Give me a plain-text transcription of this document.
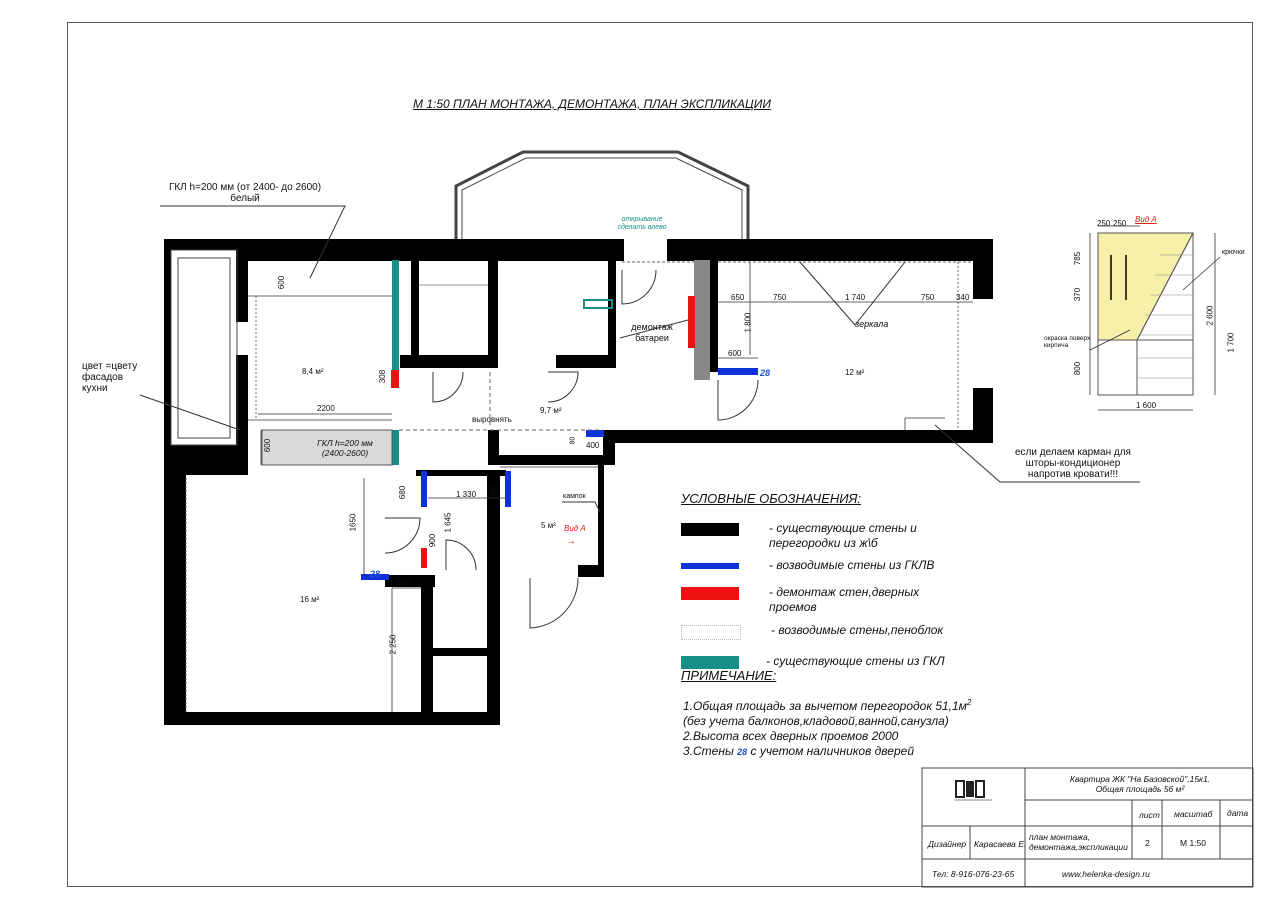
М 1:50 ПЛАН МОНТАЖА, ДЕМОНТАЖА, ПЛАН ЭКСПЛИКАЦИИ
ГКЛ h=200 мм (от 2400- до 2600)
белый
цвет =цвету
фасадов
кухни
ГКЛ h=200 мм
(2400-2600)
открывание
сделать влево
демонтаж
батареи
зеркала
выровнять
кампок
Вид А
→
если делаем карман для
шторы-кондиционер
напротив кровати!!!
8,4 м²
9,7 м²
12 м²
5 м²
16 м²
28
28
600
2200
600
308
650	750	1 740	750	340
1 800
600
80
400
680	1 330 600
1650	1 645
900
600
2 250
Вид А
250 250
785
370
800
2 600
1 700
1 600
крючки
окраска поверх
кирпича
УСЛОВНЫЕ ОБОЗНАЧЕНИЯ:
- существующие стены и
перегородки из ж\б
- возводимые стены из ГКЛВ
- демонтаж стен,дверных
проемов
- возводимые стены,пеноблок
- существующие стены из ГКЛ
ПРИМЕЧАНИЕ:
1.Общая площадь за вычетом перегородок $51,1м^2$
(без учета балконов,кладовой,ванной,санузла)
2.Высота всех дверных проемов 2000
3.Стены 28 с учетом наличников дверей
Квартира ЖК "На Базовской",15к1.
Общая площадь 56 м²
лист масштаб дата
Дизайнер Карасаева Е.
план монтажа,
демонтажа,экспликации 2	М 1:50
Тел: 8-916-076-23-65	www.helenka-design.ru
